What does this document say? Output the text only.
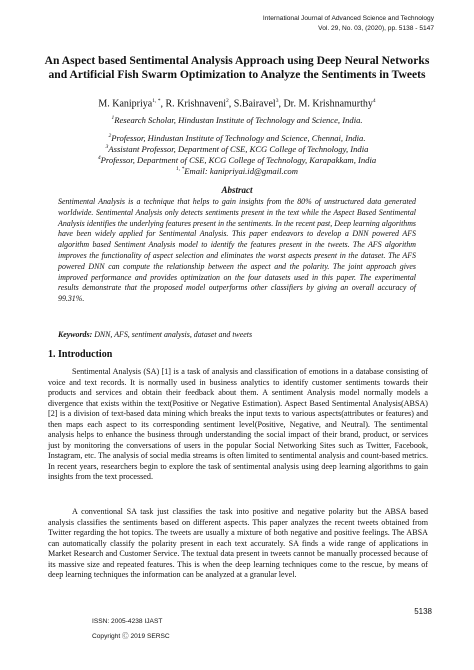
International Journal of Advanced Science and Technology
Vol. 29, No. 03, (2020), pp. 5138 - 5147
An Aspect based Sentimental Analysis Approach using Deep Neural Networks and Artificial Fish Swarm Optimization to Analyze the Sentiments in Tweets
M. Kanipriya$^{1, *}$, R. Krishnaveni$^2$, S.Bairavel$^3$, Dr. M. Krishnamurthy$^4$
$^1$Research Scholar, Hindustan Institute of Technology and Science, India.
$^2$Professor, Hindustan Institute of Technology and Science, Chennai, India.
$^3$Assistant Professor, Department of CSE, KCG College of Technology, India
$^4$Professor, Department of CSE, KCG College of Technology, Karapakkam, India
$^{1, *}$Email: kanipriyai.id@gmail.com
Abstract
Sentimental Analysis is a technique that helps to gain insights from the 80% of unstructured data generated worldwide. Sentimental Analysis only detects sentiments present in the text while the Aspect Based Sentimental Analysis identifies the underlying features present in the sentiments. In the recent past, Deep learning algorithms have been widely applied for Sentimental Analysis. This paper endeavors to develop a DNN powered AFS algorithm based Sentiment Analysis model to identify the features present in the tweets. The AFS algorithm improves the functionality of aspect selection and eliminates the worst aspects present in the dataset. The AFS powered DNN can compute the relationship between the aspect and the polarity. The joint approach gives improved performance and provides optimization on the four datasets used in this paper. The experimental results demonstrate that the proposed model outperforms other classifiers by giving an overall accuracy of 99.31%.
Keywords: DNN, AFS, sentiment analysis, dataset and tweets
1. Introduction
Sentimental Analysis (SA) [1] is a task of analysis and classification of emotions in a database consisting of voice and text records. It is normally used in business analytics to identify customer sentiments towards their products and services and obtain their feedback about them. A sentiment Analysis model normally models a divergence that exists within the text(Positive or Negative Estimation). Aspect Based Sentimental Analysis(ABSA) [2] is a division of text-based data mining which breaks the input texts to various aspects(attributes or features) and then maps each aspect to its corresponding sentiment level(Positive, Negative, and Neutral). The sentimental analysis helps to enhance the business through understanding the social impact of their brand, product, or services just by monitoring the conversations of users in the popular Social Networking Sites such as Twitter, Facebook, Instagram, etc. The analysis of social media streams is often limited to sentimental analysis and count-based metrics. In recent years, researchers begin to explore the task of sentimental analysis using deep learning algorithms to gain insights from the text processed.
A conventional SA task just classifies the task into positive and negative polarity but the ABSA based analysis classifies the sentiments based on different aspects. This paper analyzes the recent tweets obtained from Twitter regarding the hot topics. The tweets are usually a mixture of both negative and positive feelings. The ABSA can automatically classify the polarity present in each text accurately. SA finds a wide range of applications in Market Research and Customer Service. The textual data present in tweets cannot be manually processed because of its massive size and repeated features. This is when the deep learning techniques come to the rescue, by means of deep learning techniques the information can be analyzed at a granular level.
ISSN: 2005-4238 IJAST
Copyright Ⓒ 2019 SERSC
5138
